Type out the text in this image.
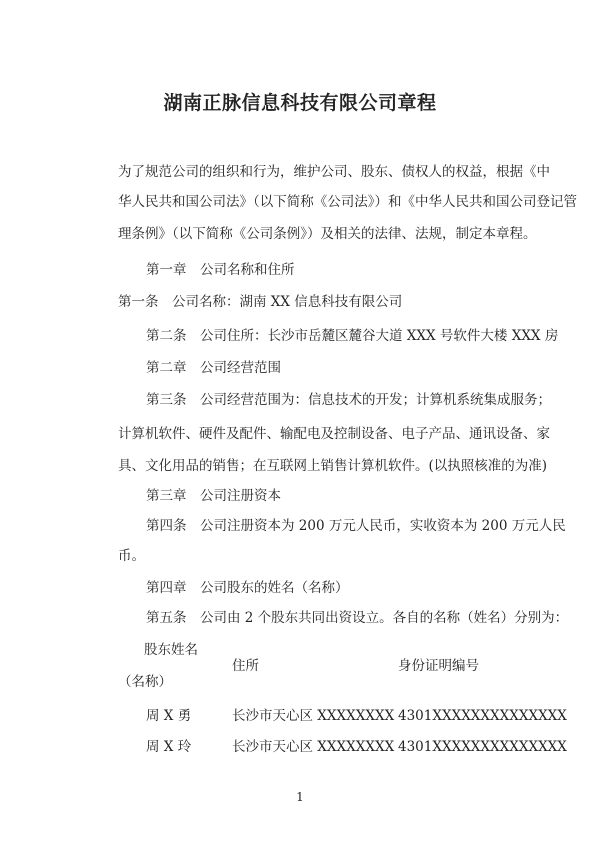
湖南正脉信息科技有限公司章程
为了规范公司的组织和行为，维护公司、股东、债权人的权益，根据《中
华人民共和国公司法》（以下简称《公司法》）和《中华人民共和国公司登记管
理条例》（以下简称《公司条例》）及相关的法律、法规，制定本章程。
第一章　公司名称和住所
第一条　公司名称：湖南 XX 信息科技有限公司
第二条　公司住所：长沙市岳麓区麓谷大道 XXX 号软件大楼 XXX 房
第二章　公司经营范围
第三条　公司经营范围为：信息技术的开发；计算机系统集成服务；
计算机软件、硬件及配件、输配电及控制设备、电子产品、通讯设备、家
具、文化用品的销售；在互联网上销售计算机软件。(以执照核准的为准)
第三章　公司注册资本
第四条　公司注册资本为 200 万元人民币，实收资本为 200 万元人民
币。
第四章　公司股东的姓名（名称）
第五条　公司由 2 个股东共同出资设立。各自的名称（姓名）分别为：
股东姓名
（名称）
住所	身份证明编号
周 X 勇	长沙市天心区 XXXXXXXX 4301XXXXXXXXXXXXXX
周 X 玲	长沙市天心区 XXXXXXXX 4301XXXXXXXXXXXXXX
1
